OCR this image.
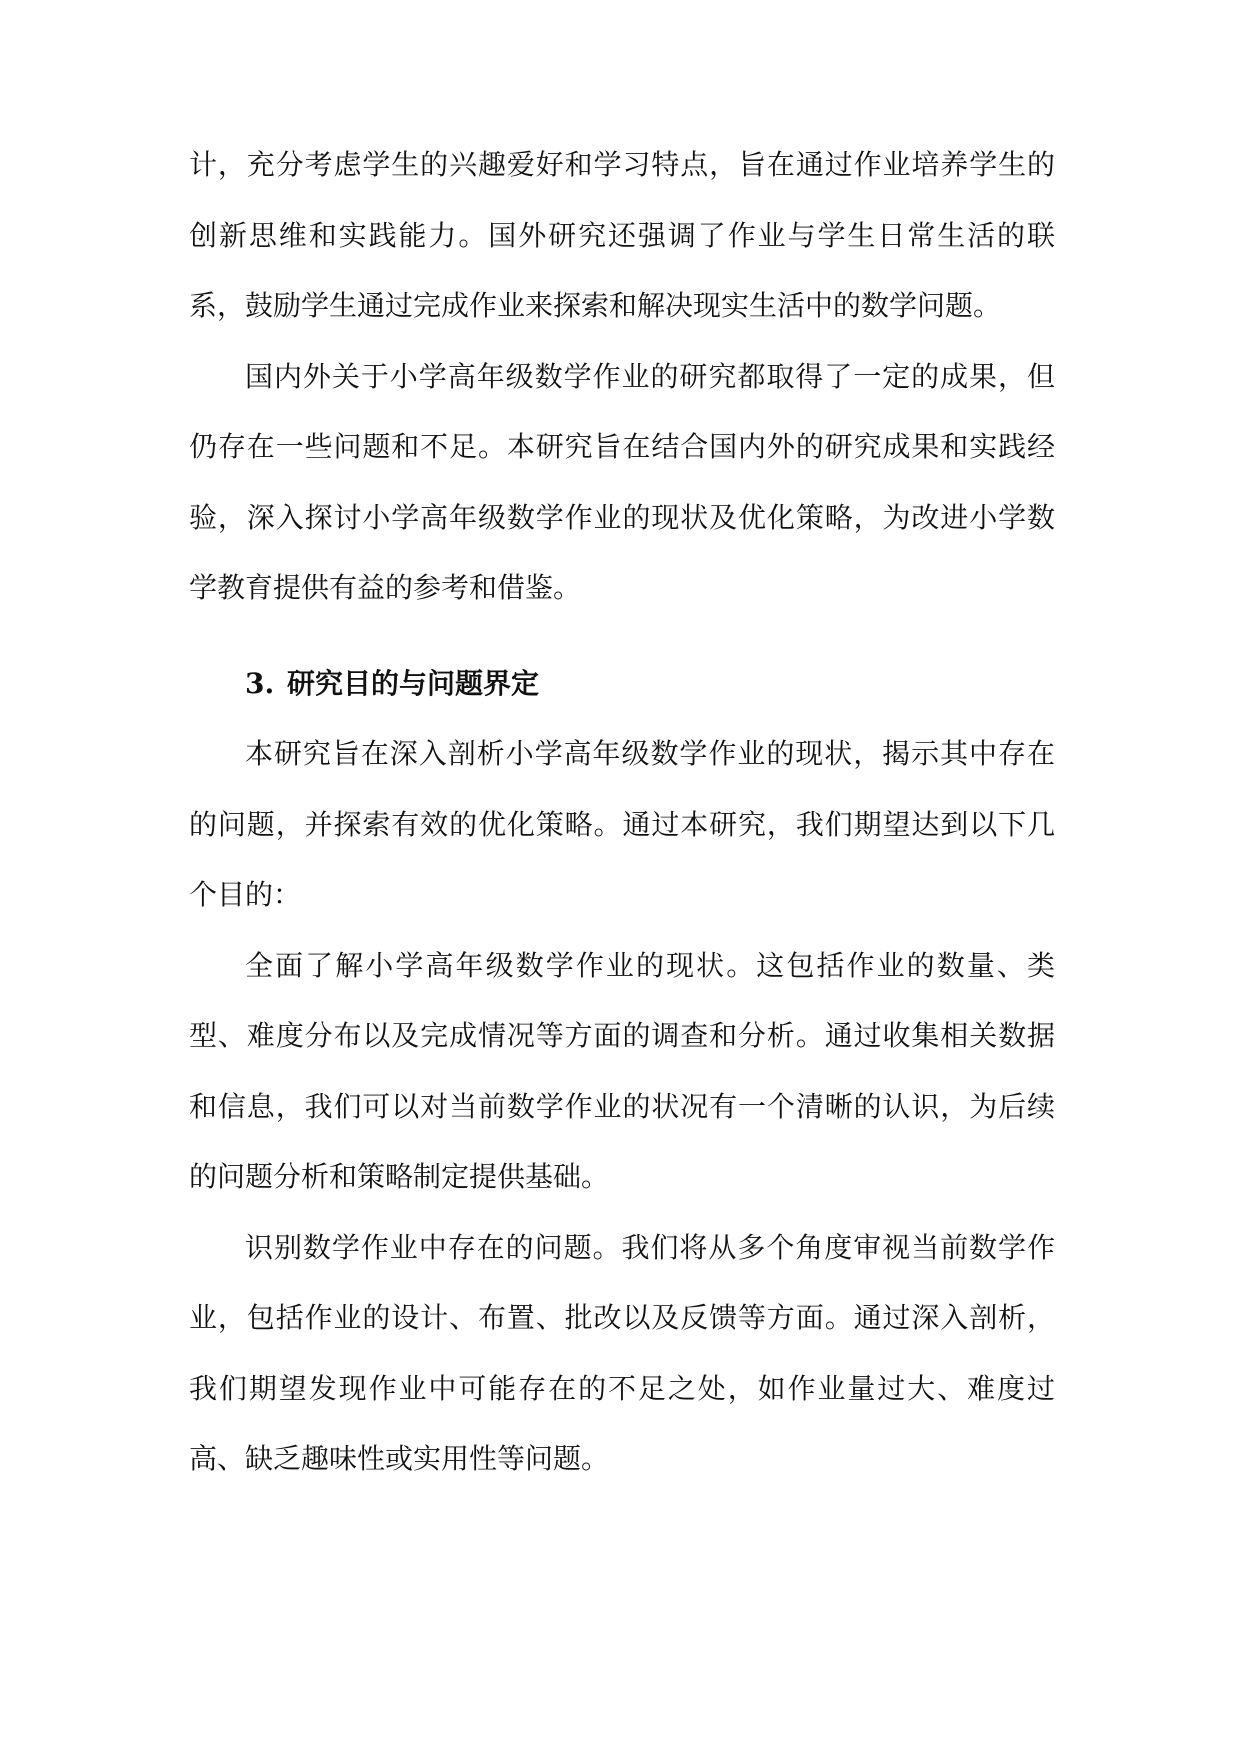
计，充分考虑学生的兴趣爱好和学习特点，旨在通过作业培养学生的创新思维和实践能力。国外研究还强调了作业与学生日常生活的联系，鼓励学生通过完成作业来探索和解决现实生活中的数学问题。

国内外关于小学高年级数学作业的研究都取得了一定的成果，但仍存在一些问题和不足。本研究旨在结合国内外的研究成果和实践经验，深入探讨小学高年级数学作业的现状及优化策略，为改进小学数学教育提供有益的参考和借鉴。

3. 研究目的与问题界定

本研究旨在深入剖析小学高年级数学作业的现状，揭示其中存在的问题，并探索有效的优化策略。通过本研究，我们期望达到以下几个目的：

全面了解小学高年级数学作业的现状。这包括作业的数量、类型、难度分布以及完成情况等方面的调查和分析。通过收集相关数据和信息，我们可以对当前数学作业的状况有一个清晰的认识，为后续的问题分析和策略制定提供基础。

识别数学作业中存在的问题。我们将从多个角度审视当前数学作业，包括作业的设计、布置、批改以及反馈等方面。通过深入剖析，我们期望发现作业中可能存在的不足之处，如作业量过大、难度过高、缺乏趣味性或实用性等问题。
